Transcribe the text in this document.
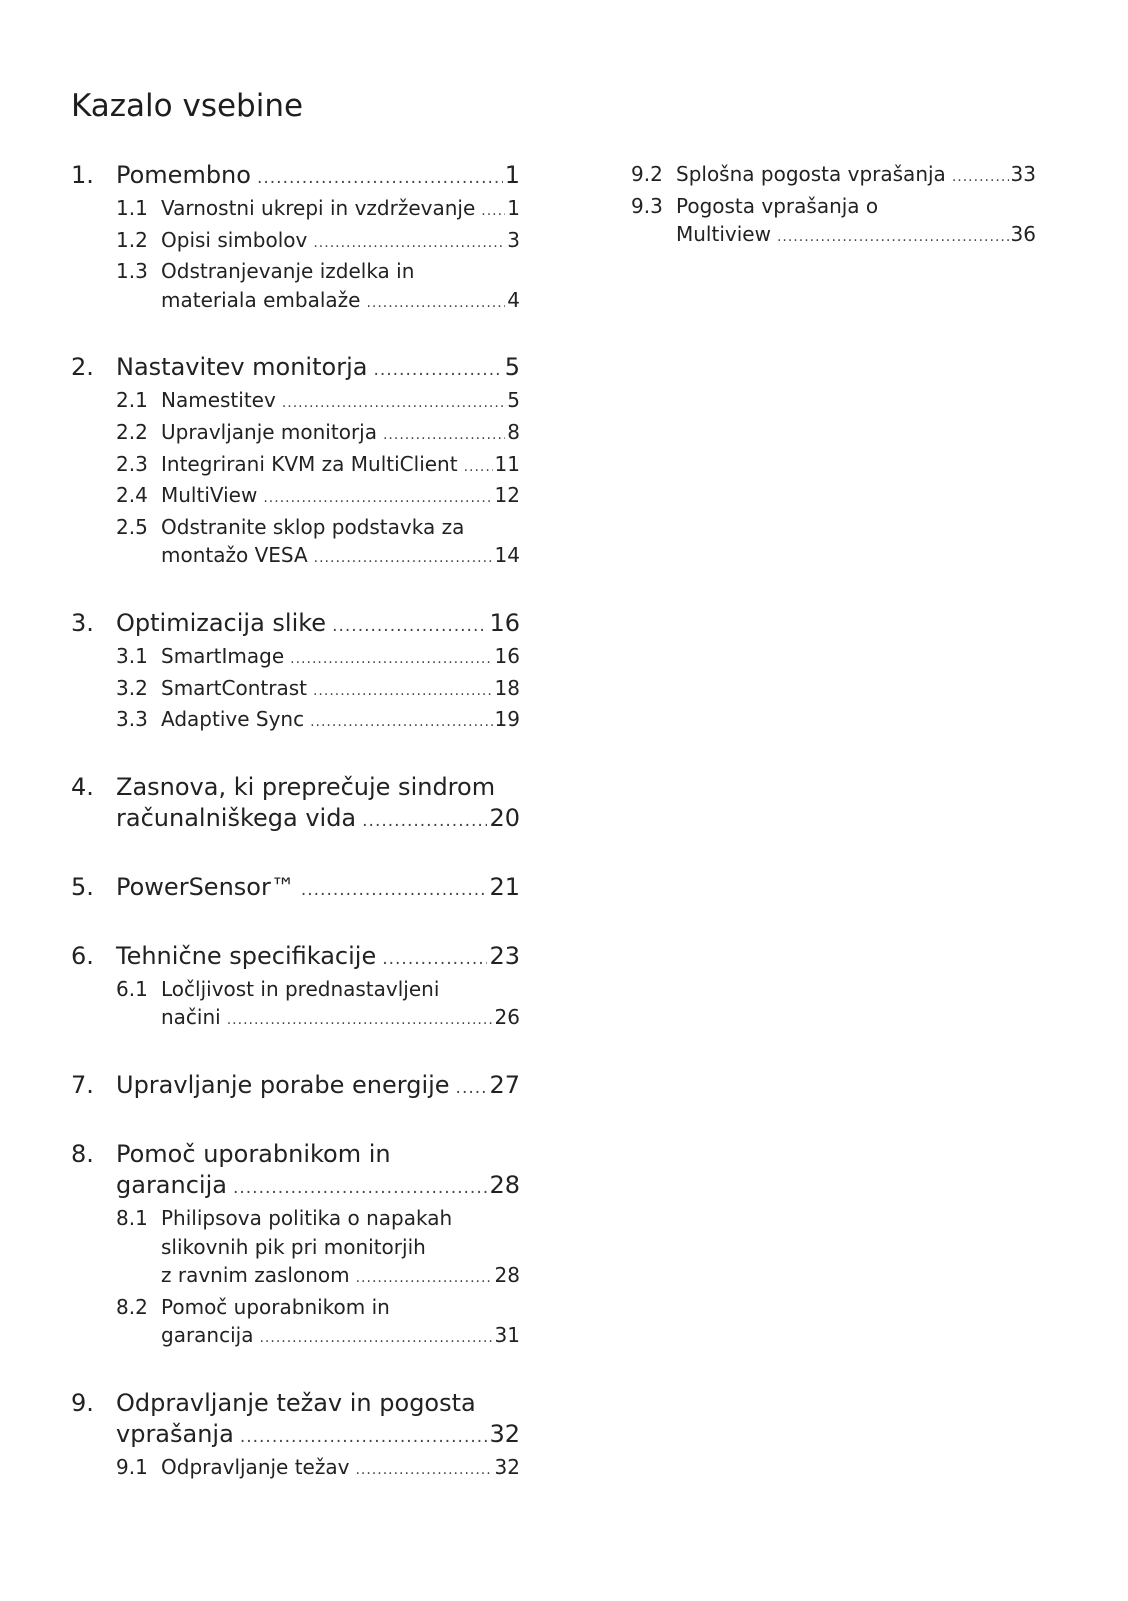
Kazalo vsebine
1. Pomembno .....	1
1.1 Varnostni ukrepi in vzdrževanje ..... 1
1.2 Opisi simbolov .....	3
1.3 Odstranjevanje izdelka in
materiala embalaže .....	4
2. Nastavitev monitorja .....	5
2.1 Namestitev .....	5
2.2 Upravljanje monitorja .....	8
2.3 Integrirani KVM za MultiClient ..... 11
2.4 MultiView .....	12
2.5 Odstranite sklop podstavka za
montažo VESA .....	14
3. Optimizacija slike .....	16
3.1 SmartImage .....	16
3.2 SmartContrast .....	18
3.3 Adaptive Sync .....	19
4. Zasnova, ki preprečuje sindrom
računalniškega vida .....	20
5. PowerSensor™ .....	21
6. Tehnične specifikacije .....	23
6.1 Ločljivost in prednastavljeni
načini .....	26
7. Upravljanje porabe energije ..... 27
8. Pomoč uporabnikom in
garancija .....	28
8.1 Philipsova politika o napakah
slikovnih pik pri monitorjih
z ravnim zaslonom .....	28
8.2 Pomoč uporabnikom in
garancija .....	31
9. Odpravljanje težav in pogosta
vprašanja .....	32
9.1 Odpravljanje težav .....	32
9.2 Splošna pogosta vprašanja .....	33
9.3 Pogosta vprašanja o
Multiview .....	36
